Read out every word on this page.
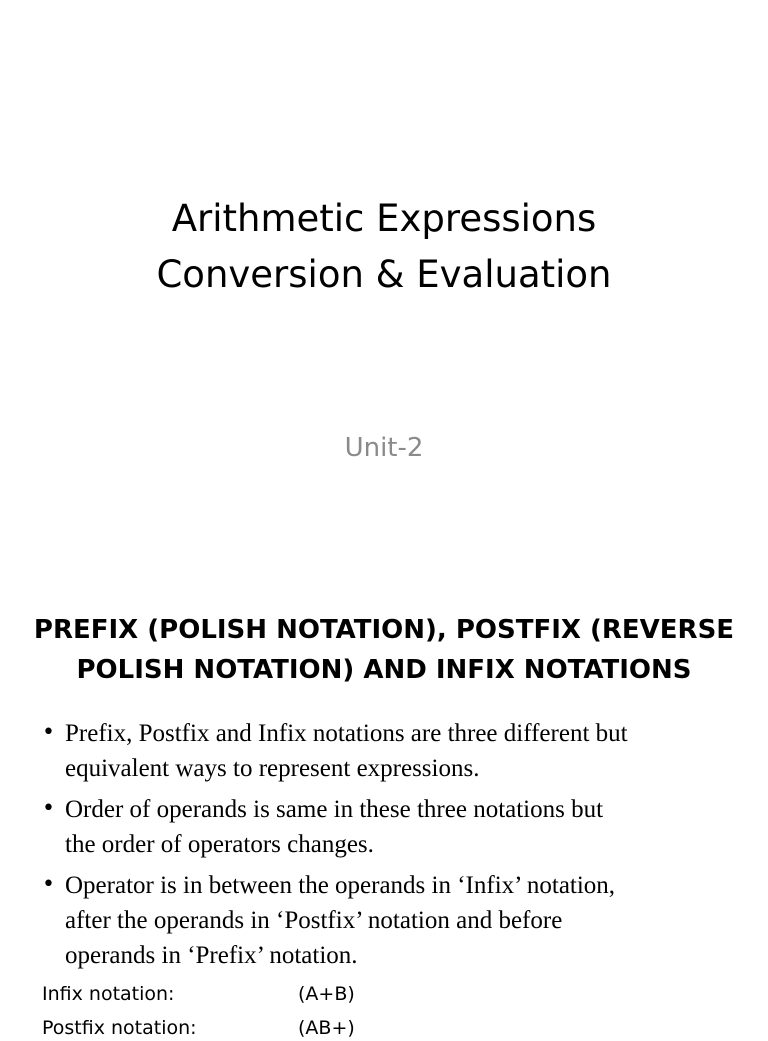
Arithmetic Expressions
Conversion & Evaluation
Unit-2
PREFIX (POLISH NOTATION), POSTFIX (REVERSE
POLISH NOTATION) AND INFIX NOTATIONS
• Prefix, Postfix and Infix notations are three different but
equivalent ways to represent expressions.
• Order of operands is same in these three notations but
the order of operators changes.
• Operator is in between the operands in ‘Infix’ notation,
after the operands in ‘Postfix’ notation and before
operands in ‘Prefix’ notation.
Infix notation:	(A+B)
Postfix notation:	(AB+)
